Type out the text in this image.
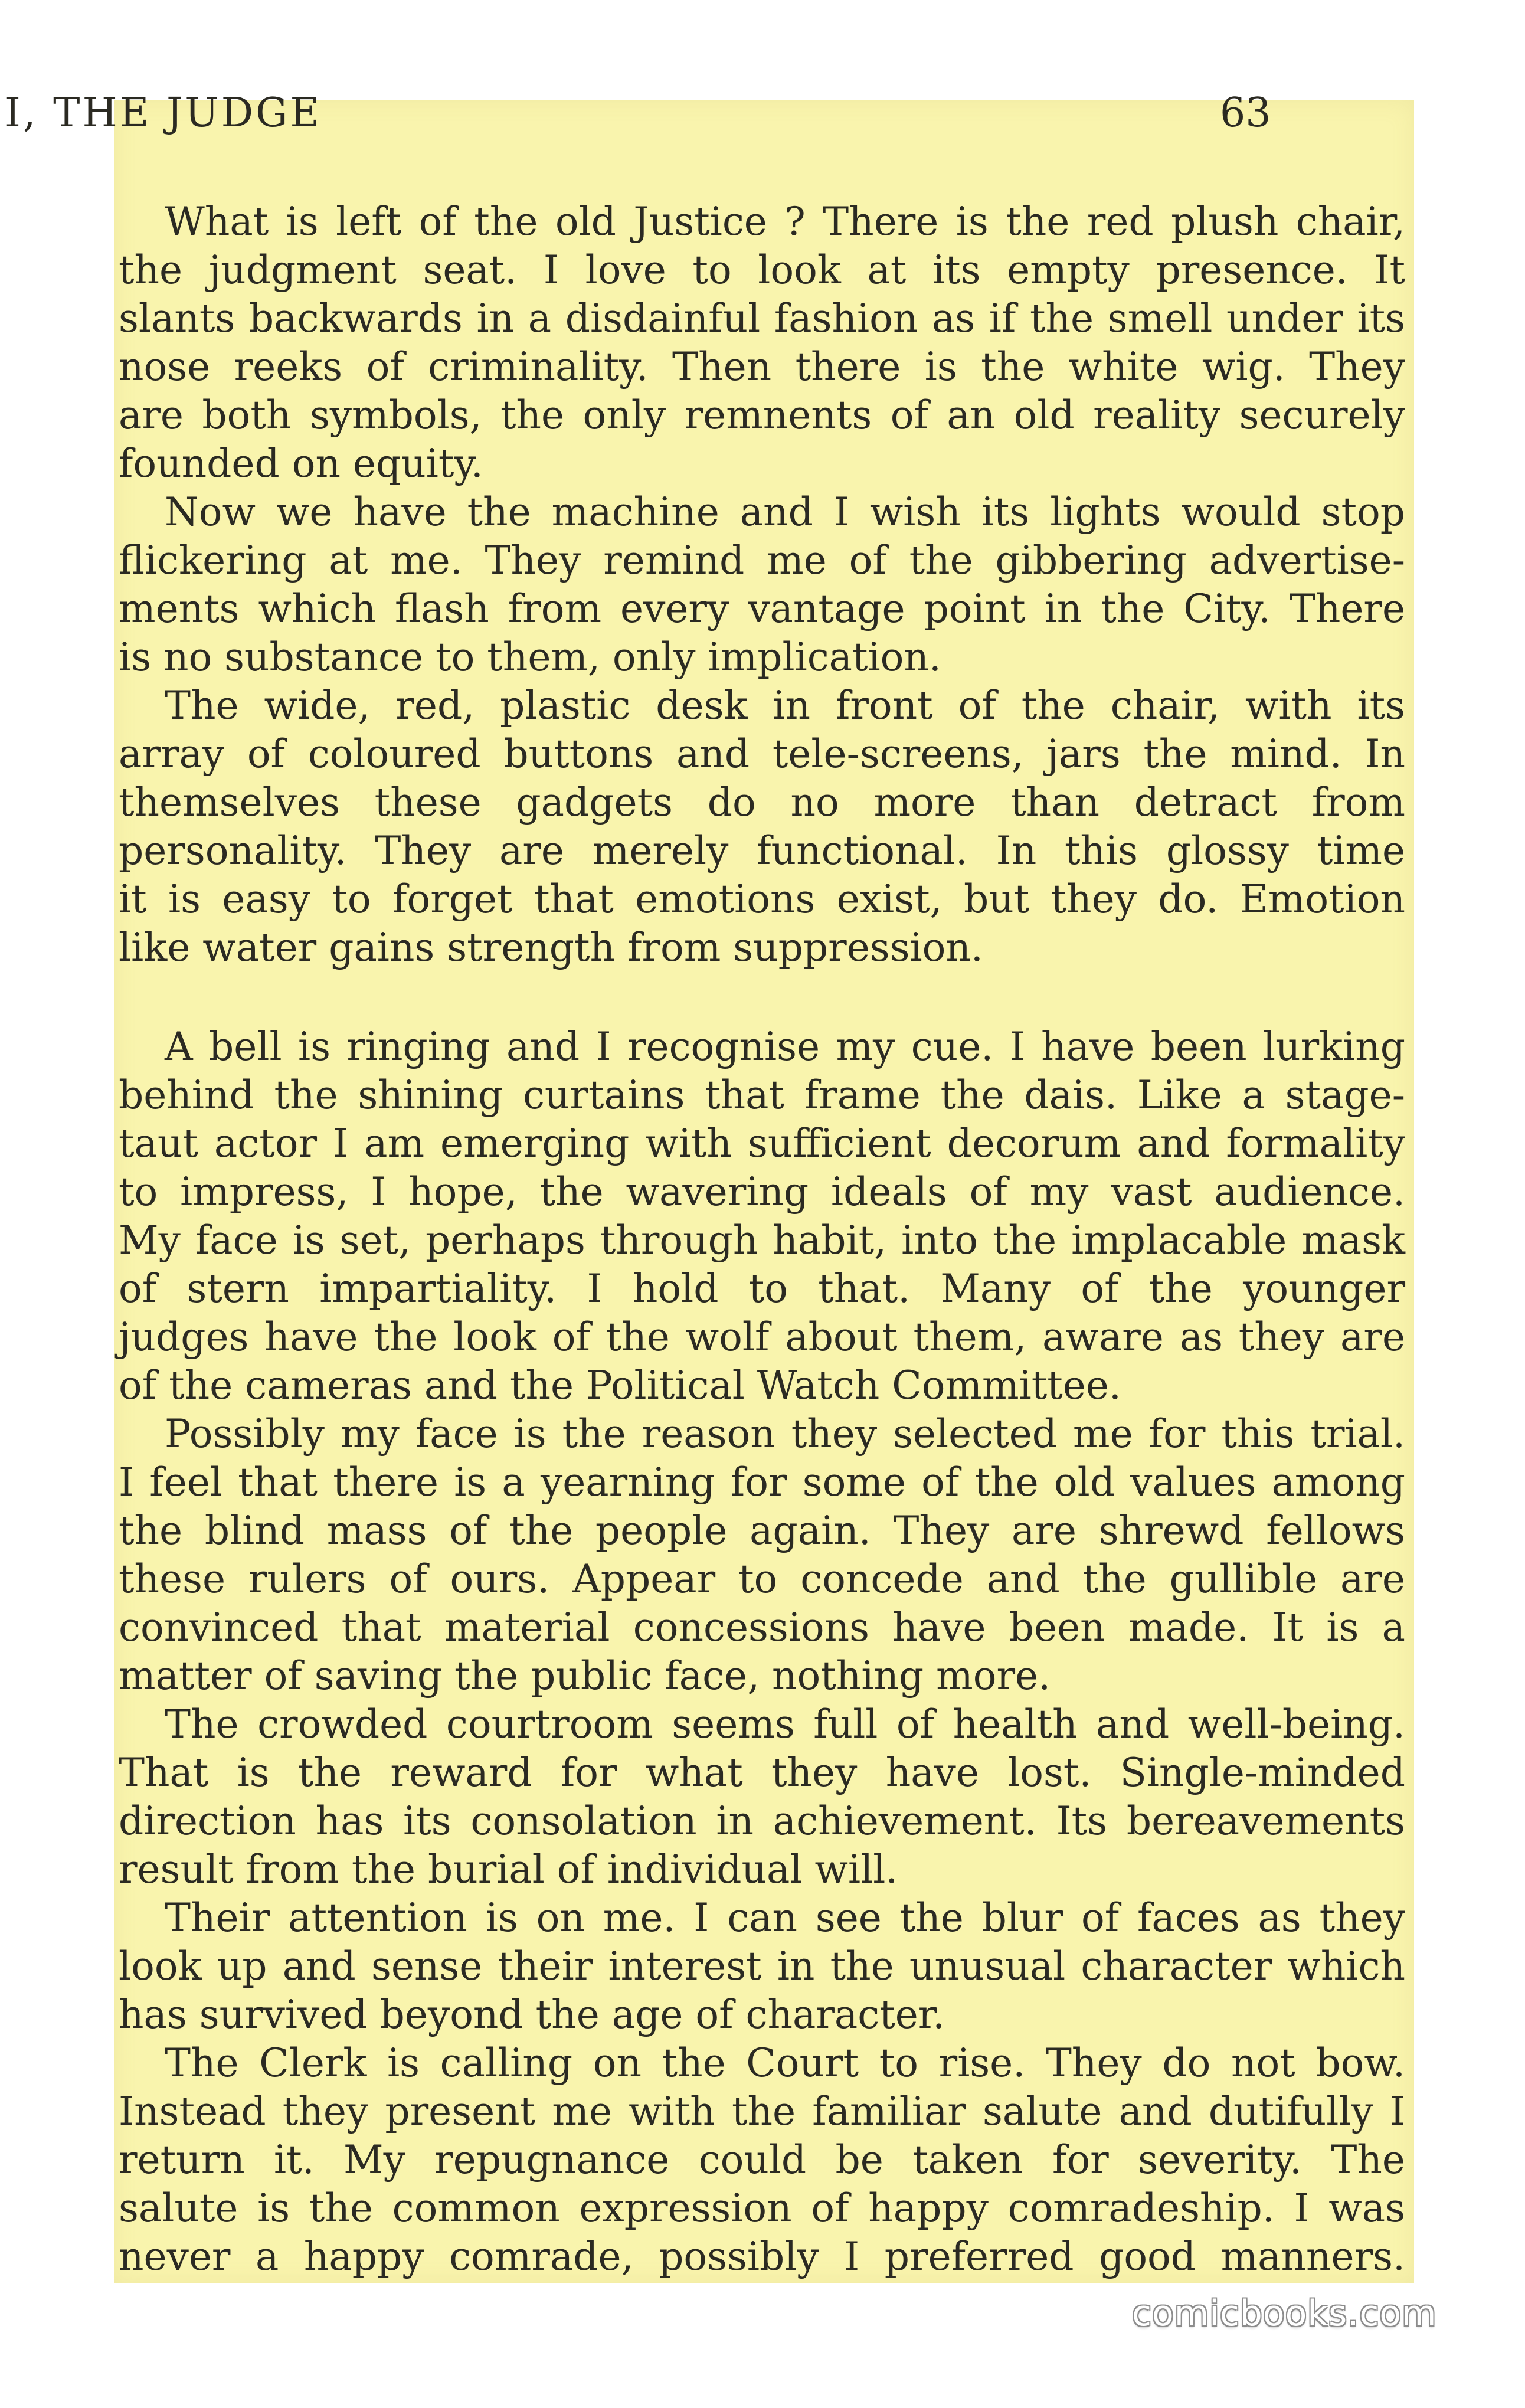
I, THE JUDGE	63
What is left of the old Justice ? There is the red plush chair,
the judgment seat. I love to look at its empty presence. It
slants backwards in a disdainful fashion as if the smell under its
nose reeks of criminality. Then there is the white wig. They
are both symbols, the only remnents of an old reality securely
founded on equity.
Now we have the machine and I wish its lights would stop
flickering at me. They remind me of the gibbering advertise-
ments which flash from every vantage point in the City. There
is no substance to them, only implication.
The wide, red, plastic desk in front of the chair, with its
array of coloured buttons and tele-screens, jars the mind. In
themselves these gadgets do no more than detract from
personality. They are merely functional. In this glossy time
it is easy to forget that emotions exist, but they do. Emotion
like water gains strength from suppression.
A bell is ringing and I recognise my cue. I have been lurking
behind the shining curtains that frame the dais. Like a stage-
taut actor I am emerging with sufficient decorum and formality
to impress, I hope, the wavering ideals of my vast audience.
My face is set, perhaps through habit, into the implacable mask
of stern impartiality. I hold to that. Many of the younger
judges have the look of the wolf about them, aware as they are
of the cameras and the Political Watch Committee.
Possibly my face is the reason they selected me for this trial.
I feel that there is a yearning for some of the old values among
the blind mass of the people again. They are shrewd fellows
these rulers of ours. Appear to concede and the gullible are
convinced that material concessions have been made. It is a
matter of saving the public face, nothing more.
The crowded courtroom seems full of health and well-being.
That is the reward for what they have lost. Single-minded
direction has its consolation in achievement. Its bereavements
result from the burial of individual will.
Their attention is on me. I can see the blur of faces as they
look up and sense their interest in the unusual character which
has survived beyond the age of character.
The Clerk is calling on the Court to rise. They do not bow.
Instead they present me with the familiar salute and dutifully I
return it. My repugnance could be taken for severity. The
salute is the common expression of happy comradeship. I was
never a happy comrade, possibly I preferred good manners.
comicbooks.com
